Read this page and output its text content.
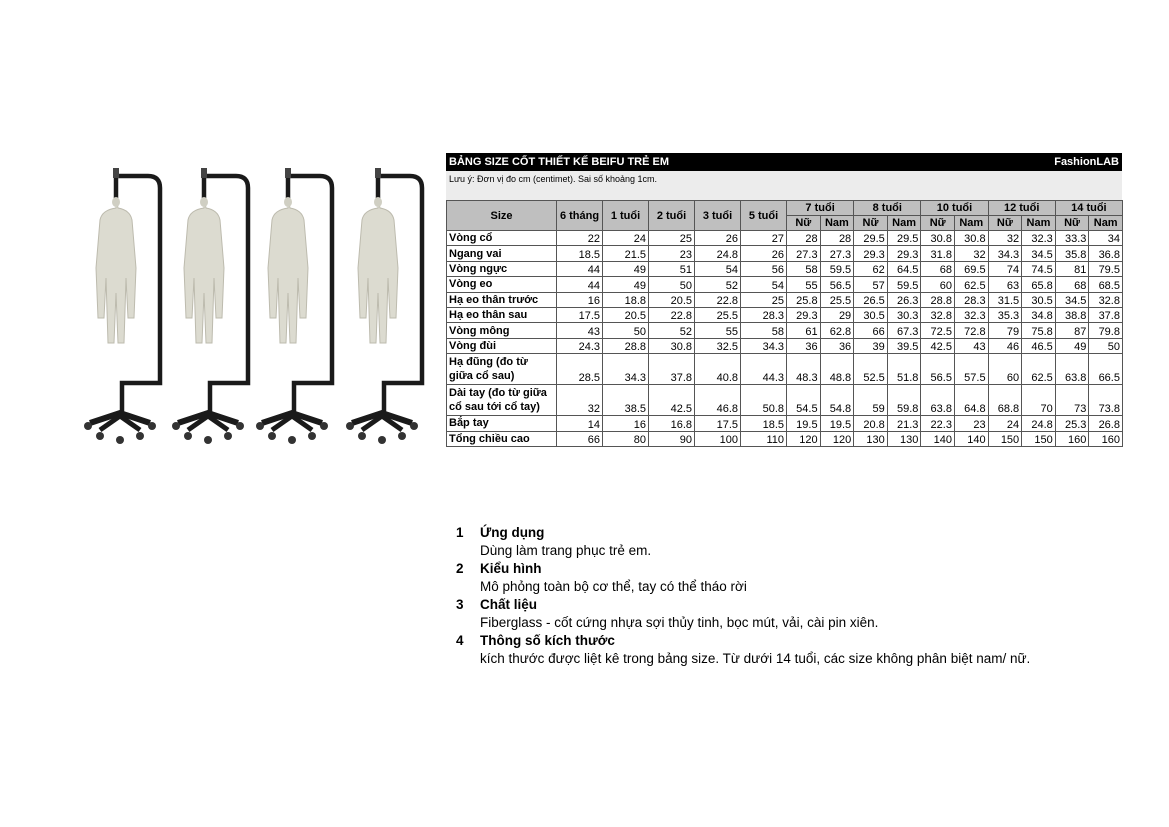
BẢNG SIZE CỐT THIẾT KẾ BEIFU TRẺ EM	FashionLAB
Lưu ý: Đơn vị đo cm (centimet). Sai số khoảng 1cm.
Size	6 tháng	1 tuổi	2 tuổi	3 tuổi	5 tuổi	7 tuổi		8 tuổi		10 tuổi		12 tuổi		14 tuổi	
						Nữ	Nam	Nữ	Nam	Nữ	Nam	Nữ	Nam	Nữ	Nam
Vòng cổ	22	24	25	26	27	28	28	29.5	29.5	30.8	30.8	32	32.3	33.3	34
Ngang vai	18.5	21.5	23	24.8	26	27.3	27.3	29.3	29.3	31.8	32	34.3	34.5	35.8	36.8
Vòng ngực	44	49	51	54	56	58	59.5	62	64.5	68	69.5	74	74.5	81	79.5
Vòng eo	44	49	50	52	54	55	56.5	57	59.5	60	62.5	63	65.8	68	68.5
Hạ eo thân trước	16	18.8	20.5	22.8	25	25.8	25.5	26.5	26.3	28.8	28.3	31.5	30.5	34.5	32.8
Hạ eo thân sau	17.5	20.5	22.8	25.5	28.3	29.3	29	30.5	30.3	32.8	32.3	35.3	34.8	38.8	37.8
Vòng mông	43	50	52	55	58	61	62.8	66	67.3	72.5	72.8	79	75.8	87	79.8
Vòng đùi	24.3	28.8	30.8	32.5	34.3	36	36	39	39.5	42.5	43	46	46.5	49	50
Hạ đũng (đo từ giữa cổ sau)	28.5	34.3	37.8	40.8	44.3	48.3	48.8	52.5	51.8	56.5	57.5	60	62.5	63.8	66.5
Dài tay (đo từ giữa cổ sau tới cổ tay)	32	38.5	42.5	46.8	50.8	54.5	54.8	59	59.8	63.8	64.8	68.8	70	73	73.8
Bắp tay	14	16	16.8	17.5	18.5	19.5	19.5	20.8	21.3	22.3	23	24	24.8	25.3	26.8
Tổng chiều cao	66	80	90	100	110	120	120	130	130	140	140	150	150	160	160
1	Ứng dụng
Dùng làm trang phục trẻ em.
2	Kiểu hình
Mô phỏng toàn bộ cơ thể, tay có thể tháo rời
3	Chất liệu
Fiberglass - cốt cứng nhựa sợi thủy tinh, bọc mút, vải, cài pin xiên.
4	Thông số kích thước
kích thước được liệt kê trong bảng size. Từ dưới 14 tuổi, các size không phân biệt nam/ nữ.
